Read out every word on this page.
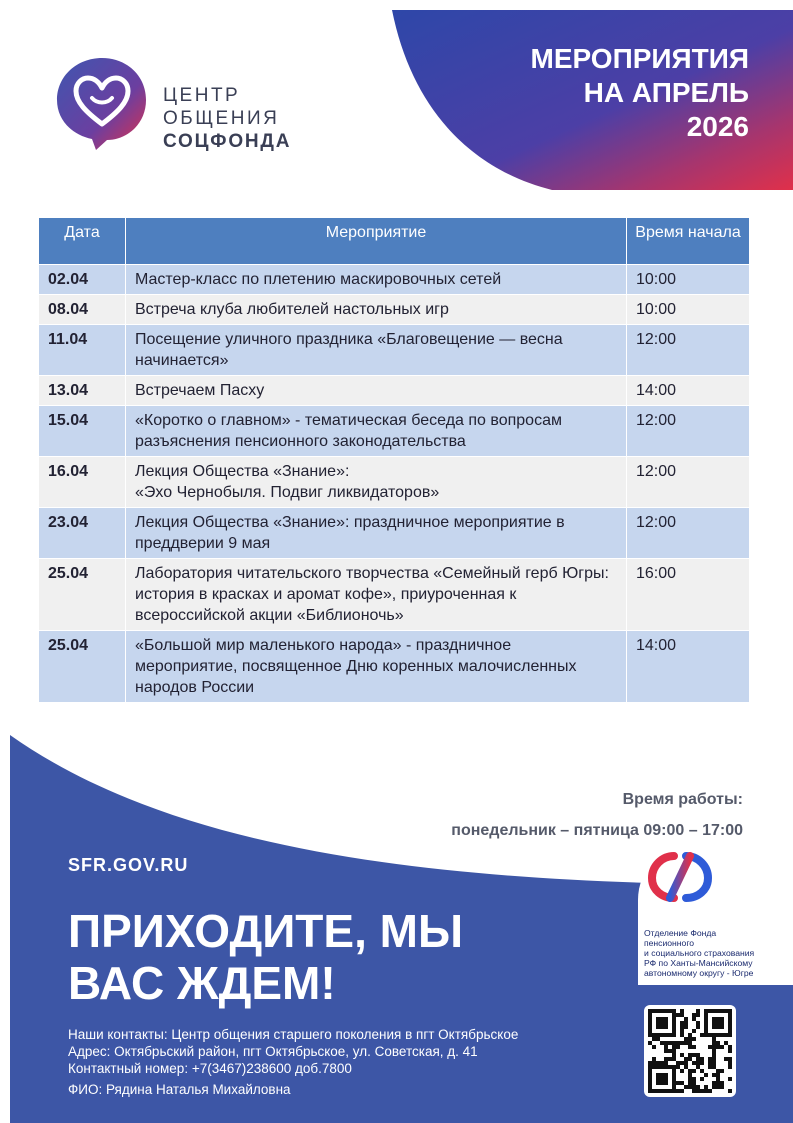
МЕРОПРИЯТИЯ
НА АПРЕЛЬ
2026
ЦЕНТР
ОБЩЕНИЯ
СОЦФОНДА
Дата	Мероприятие	Время начала
02.04	Мастер-класс по плетению маскировочных сетей	10:00
08.04	Встреча клуба любителей настольных игр	10:00
11.04	Посещение уличного праздника «Благовещение — весна начинается»	12:00
13.04	Встречаем Пасху	14:00
15.04	«Коротко о главном» - тематическая беседа по вопросам разъяснения пенсионного законодательства	12:00
16.04	Лекция Общества «Знание»:
«Эхо Чернобыля. Подвиг ликвидаторов»	12:00
23.04	Лекция Общества «Знание»: праздничное мероприятие в преддверии 9 мая	12:00
25.04	Лаборатория читательского творчества «Семейный герб Югры: история в красках и аромат кофе», приуроченная к всероссийской акции «Библионочь»	16:00
25.04	«Большой мир маленького народа» - праздничное мероприятие, посвященное Дню коренных малочисленных народов России	14:00
Время работы:
понедельник – пятница 09:00 – 17:00
SFR.GOV.RU
ПРИХОДИТЕ, МЫ
ВАС ЖДЕМ!
Наши контакты: Центр общения старшего поколения в пгт Октябрьское
Адрес: Октябрьский район, пгт Октябрьское, ул. Советская, д. 41
Контактный номер: +7(3467)238600 доб.7800
ФИО: Рядина Наталья Михайловна
Отделение Фонда
пенсионного
и социального страхования
РФ по Ханты-Мансийскому
автономному округу - Югре
